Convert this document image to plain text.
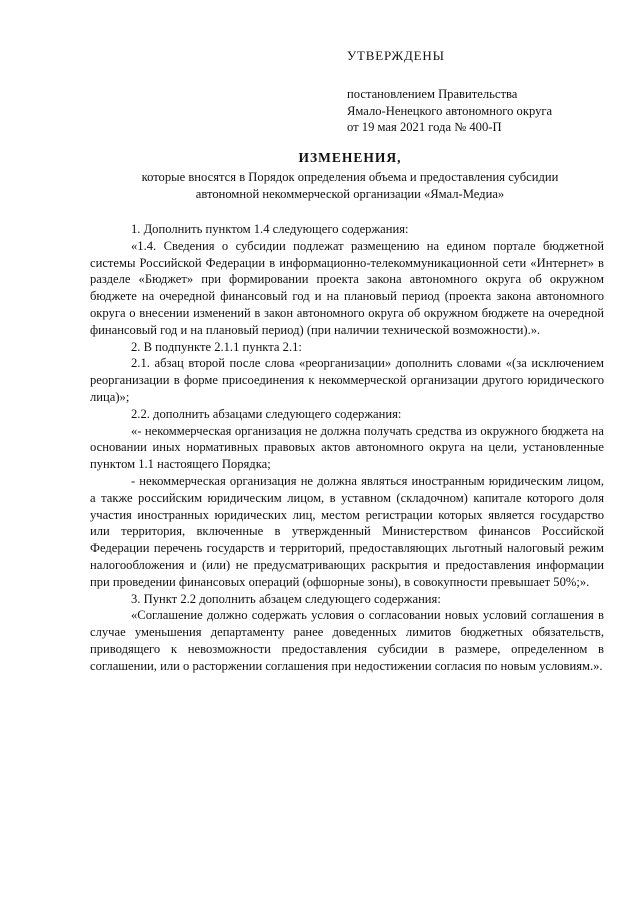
УТВЕРЖДЕНЫ

постановлением Правительства

Ямало-Ненецкого автономного округа

от 19 мая 2021 года № 400-П

ИЗМЕНЕНИЯ,

которые вносятся в Порядок определения объема и предоставления субсидии

автономной некоммерческой организации «Ямал-Медиа»

1. Дополнить пунктом 1.4 следующего содержания:

«1.4. Сведения о субсидии подлежат размещению на едином портале бюджетной системы Российской Федерации в информационно-телекоммуникационной сети «Интернет» в разделе «Бюджет» при формировании проекта закона автономного округа об окружном бюджете на очередной финансовый год и на плановый период (проекта закона автономного округа о внесении изменений в закон автономного округа об окружном бюджете на очередной финансовый год и на плановый период) (при наличии технической возможности).».

2. В подпункте 2.1.1 пункта 2.1:

2.1. абзац второй после слова «реорганизации» дополнить словами «(за исключением реорганизации в форме присоединения к некоммерческой организации другого юридического лица)»;

2.2. дополнить абзацами следующего содержания:

«- некоммерческая организация не должна получать средства из окружного бюджета на основании иных нормативных правовых актов автономного округа на цели, установленные пунктом 1.1 настоящего Порядка;

- некоммерческая организация не должна являться иностранным юридическим лицом, а также российским юридическим лицом, в уставном (складочном) капитале которого доля участия иностранных юридических лиц, местом регистрации которых является государство или территория, включенные в утвержденный Министерством финансов Российской Федерации перечень государств и территорий, предоставляющих льготный налоговый режим налогообложения и (или) не предусматривающих раскрытия и предоставления информации при проведении финансовых операций (офшорные зоны), в совокупности превышает 50%;».

3. Пункт 2.2 дополнить абзацем следующего содержания:

«Соглашение должно содержать условия о согласовании новых условий соглашения в случае уменьшения департаменту ранее доведенных лимитов бюджетных обязательств, приводящего к невозможности предоставления субсидии в размере, определенном в соглашении, или о расторжении соглашения при недостижении согласия по новым условиям.».
